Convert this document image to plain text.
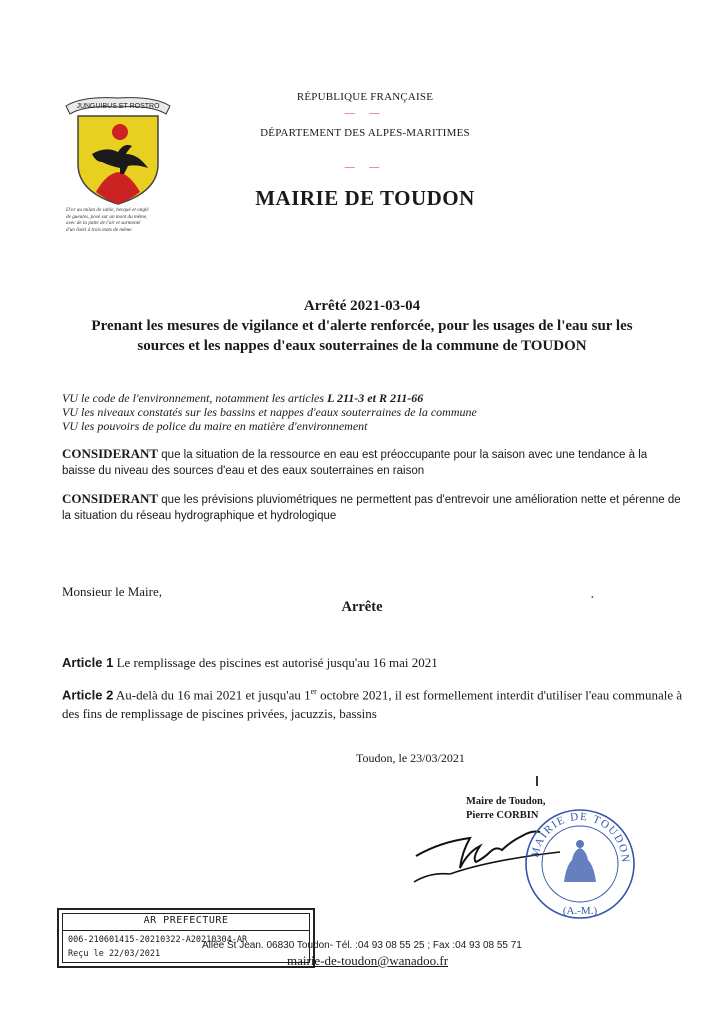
JUNGUIBUS ET ROSTRO
D'or au milan de sable, becqué et onglé
de gueules, posé sur un mont du même,
avec de la patte de l'air et surmonté
d'un listel à trois mots de même.
RÉPUBLIQUE FRANÇAISE
— —
DÉPARTEMENT DES ALPES-MARITIMES
— —
MAIRIE DE TOUDON
Arrêté 2021-03-04
Prenant les mesures de vigilance et d'alerte renforcée, pour les usages de l'eau sur les
sources et les nappes d'eaux souterraines de la commune de TOUDON
VU le code de l'environnement, notamment les articles L 211-3 et R 211-66
VU les niveaux constatés sur les bassins et nappes d'eaux souterraines de la commune
VU les pouvoirs de police du maire en matière d'environnement
CONSIDERANT que la situation de la ressource en eau est préoccupante pour la saison avec une tendance à la baisse du niveau des sources d'eau et des eaux souterraines en raison
CONSIDERANT que les prévisions pluviométriques ne permettent pas d'entrevoir une amélioration nette et pérenne de la situation du réseau hydrographique et hydrologique
Monsieur le Maire,
Arrête
•
Article 1 Le remplissage des piscines est autorisé jusqu'au 16 mai 2021
Article 2 Au-delà du 16 mai 2021 et jusqu'au 1er octobre 2021, il est formellement interdit d'utiliser l'eau communale à des fins de remplissage de piscines privées, jacuzzis, bassins
Toudon, le 23/03/2021
Maire de Toudon,
Pierre CORBIN
MAIRIE DE TOUDON
(A.-M.)
AR PREFECTURE
006-210601415-20210322-A20210304-AR
Reçu le 22/03/2021
Allée St Jean. 06830 Toudon- Tél. :04 93 08 55 25 ; Fax :04 93 08 55 71
mairie-de-toudon@wanadoo.fr
